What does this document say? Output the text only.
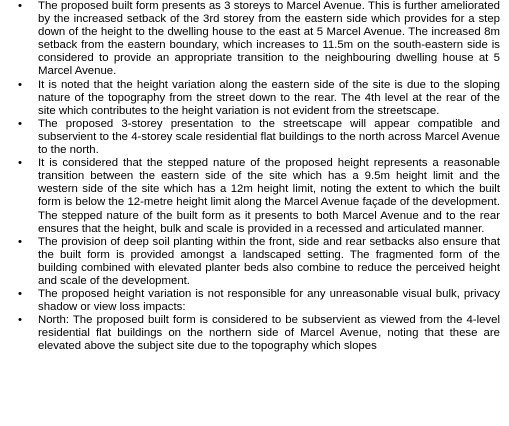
• The proposed built form presents as 3 storeys to Marcel Avenue. This is further ameliorated by the increased setback of the 3rd storey from the eastern side which provides for a step down of the height to the dwelling house to the east at 5 Marcel Avenue. The increased 8m setback from the eastern boundary, which increases to 11.5m on the south-eastern side is considered to provide an appropriate transition to the neighbouring dwelling house at 5 Marcel Avenue.
• It is noted that the height variation along the eastern side of the site is due to the sloping nature of the topography from the street down to the rear. The 4th level at the rear of the site which contributes to the height variation is not evident from the streetscape.
• The proposed 3-storey presentation to the streetscape will appear compatible and subservient to the 4-storey scale residential flat buildings to the north across Marcel Avenue to the north.
• It is considered that the stepped nature of the proposed height represents a reasonable transition between the eastern side of the site which has a 9.5m height limit and the western side of the site which has a 12m height limit, noting the extent to which the built form is below the 12-metre height limit along the Marcel Avenue façade of the development. The stepped nature of the built form as it presents to both Marcel Avenue and to the rear ensures that the height, bulk and scale is provided in a recessed and articulated manner.
• The provision of deep soil planting within the front, side and rear setbacks also ensure that the built form is provided amongst a landscaped setting. The fragmented form of the building combined with elevated planter beds also combine to reduce the perceived height and scale of the development.
• The proposed height variation is not responsible for any unreasonable visual bulk, privacy shadow or view loss impacts:
• North: The proposed built form is considered to be subservient as viewed from the 4-level residential flat buildings on the northern side of Marcel Avenue, noting that these are elevated above the subject site due to the topography which slopes
